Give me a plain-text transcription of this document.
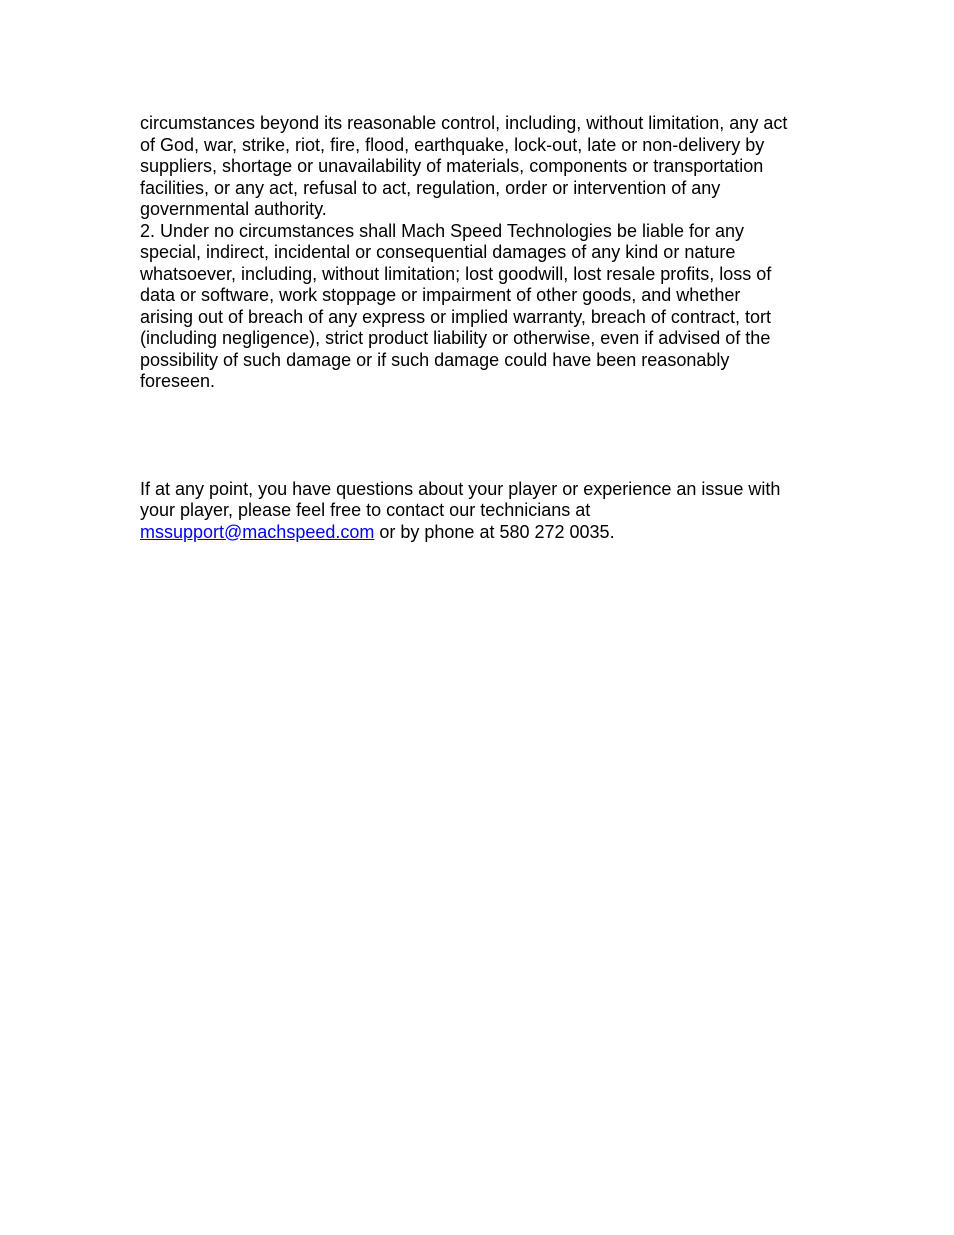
circumstances beyond its reasonable control, including, without limitation, any act
of God, war, strike, riot, fire, flood, earthquake, lock-out, late or non-delivery by
suppliers, shortage or unavailability of materials, components or transportation
facilities, or any act, refusal to act, regulation, order or intervention of any
governmental authority.

2. Under no circumstances shall Mach Speed Technologies be liable for any
special, indirect, incidental or consequential damages of any kind or nature
whatsoever, including, without limitation; lost goodwill, lost resale profits, loss of
data or software, work stoppage or impairment of other goods, and whether
arising out of breach of any express or implied warranty, breach of contract, tort
(including negligence), strict product liability or otherwise, even if advised of the
possibility of such damage or if such damage could have been reasonably
foreseen.

If at any point, you have questions about your player or experience an issue with
your player, please feel free to contact our technicians at
mssupport@machspeed.com or by phone at 580 272 0035.
